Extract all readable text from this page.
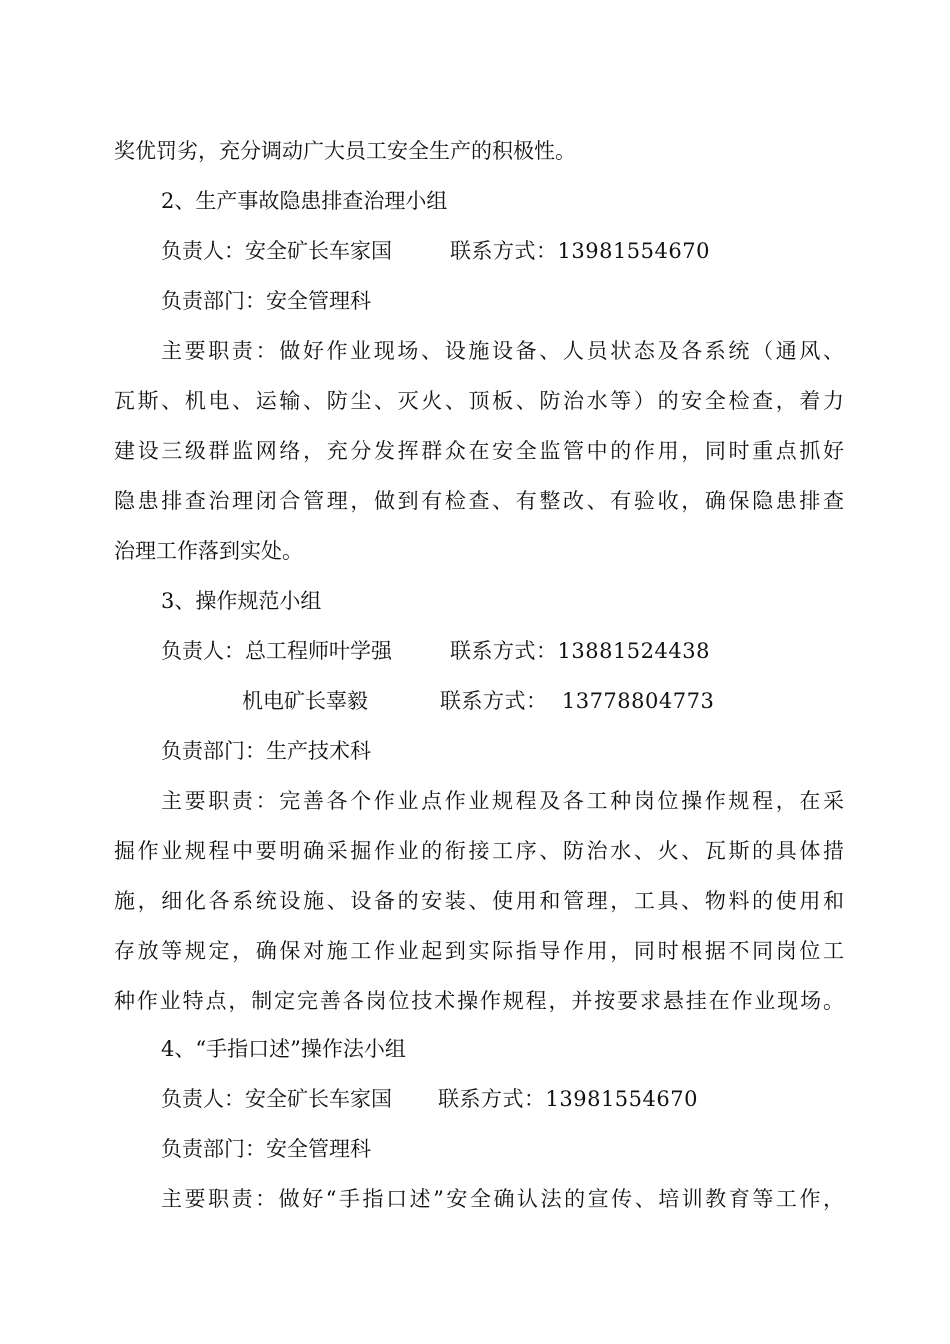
奖优罚劣，充分调动广大员工安全生产的积极性。
2、生产事故隐患排查治理小组
负责人：安全矿长车家国	联系方式：13981554670
负责部门：安全管理科
主要职责：做好作业现场、设施设备、人员状态及各系统（通风、
瓦斯、机电、运输、防尘、灭火、顶板、防治水等）的安全检查，着力
建设三级群监网络，充分发挥群众在安全监管中的作用，同时重点抓好
隐患排查治理闭合管理，做到有检查、有整改、有验收，确保隐患排查
治理工作落到实处。
3、操作规范小组
负责人：总工程师叶学强	联系方式：13881524438
机电矿长辜毅	联系方式：  13778804773
负责部门：生产技术科
主要职责：完善各个作业点作业规程及各工种岗位操作规程，在采
掘作业规程中要明确采掘作业的衔接工序、防治水、火、瓦斯的具体措
施，细化各系统设施、设备的安装、使用和管理，工具、物料的使用和
存放等规定，确保对施工作业起到实际指导作用，同时根据不同岗位工
种作业特点，制定完善各岗位技术操作规程，并按要求悬挂在作业现场。
4、“手指口述”操作法小组
负责人：安全矿长车家国 联系方式：13981554670
负责部门：安全管理科
主要职责：做好“手指口述”安全确认法的宣传、培训教育等工作，
